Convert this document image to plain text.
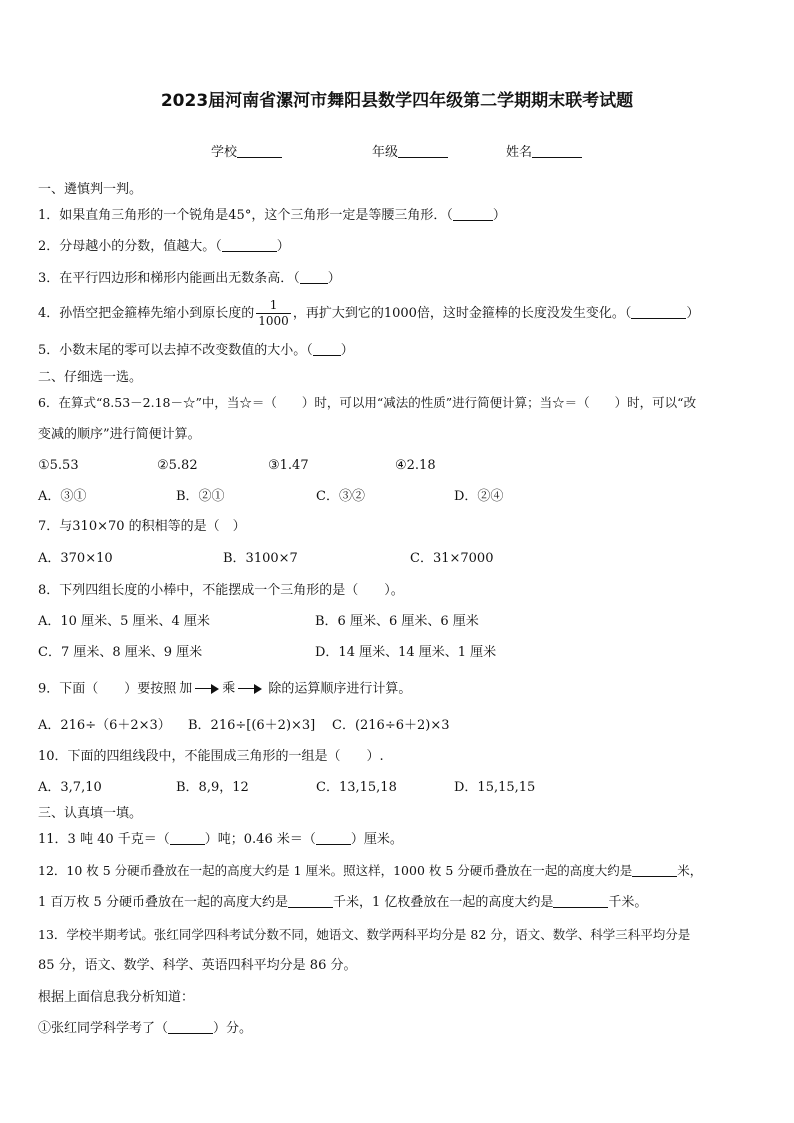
2023届河南省漯河市舞阳县数学四年级第二学期期末联考试题
学校	年级	姓名
一、遴慎判一判。
1．如果直角三角形的一个锐角是45°，这个三角形一定是等腰三角形．（	）
2．分母越小的分数，值越大。（	）
3．在平行四边形和梯形内能画出无数条高．（ ）
4．孙悟空把金箍棒先缩小到原长度的 $\frac{1}{1000}$ ，再扩大到它的1000倍，这时金箍棒的长度没发生变化。（	）
5．小数末尾的零可以去掉不改变数值的大小。（ ）
二、仔细选一选。
6．在算式“8.53－2.18－☆”中，当☆＝（　　）时，可以用“减法的性质”进行简便计算；当☆＝（　　）时，可以“改
变减的顺序”进行简便计算。
①5.53	②5.82	③1.47	④2.18
A．③①	B．②①	C．③②	D．②④
7．与310×70 的积相等的是（　）
A．370×10	B．3100×7	C．31×7000
8．下列四组长度的小棒中，不能摆成一个三角形的是（　　）。
A．10 厘米、5 厘米、4 厘米	B．6 厘米、6 厘米、6 厘米
C．7 厘米、8 厘米、9 厘米	D．14 厘米、14 厘米、1 厘米
9．下面（　　）要按照 加 乘	除的运算顺序进行计算。
A．216÷（6＋2×3） B．216÷[(6＋2)×3] C．(216÷6＋2)×3
10．下面的四组线段中，不能围成三角形的一组是（　　）.
A．3,7,10	B．8,9，12	C．13,15,18	D．15,15,15
三、认真填一填。
11．3 吨 40 千克＝（	）吨；0.46 米＝（	）厘米。
12．10 枚 5 分硬币叠放在一起的高度大约是 1 厘米。照这样，1000 枚 5 分硬币叠放在一起的高度大约是	米，
1 百万枚 5 分硬币叠放在一起的高度大约是	千米，1 亿枚叠放在一起的高度大约是	千米。
13．学校半期考试。张红同学四科考试分数不同，她语文、数学两科平均分是 82 分，语文、数学、科学三科平均分是
85 分，语文、数学、科学、英语四科平均分是 86 分。
根据上面信息我分析知道：
①张红同学科学考了（	）分。
